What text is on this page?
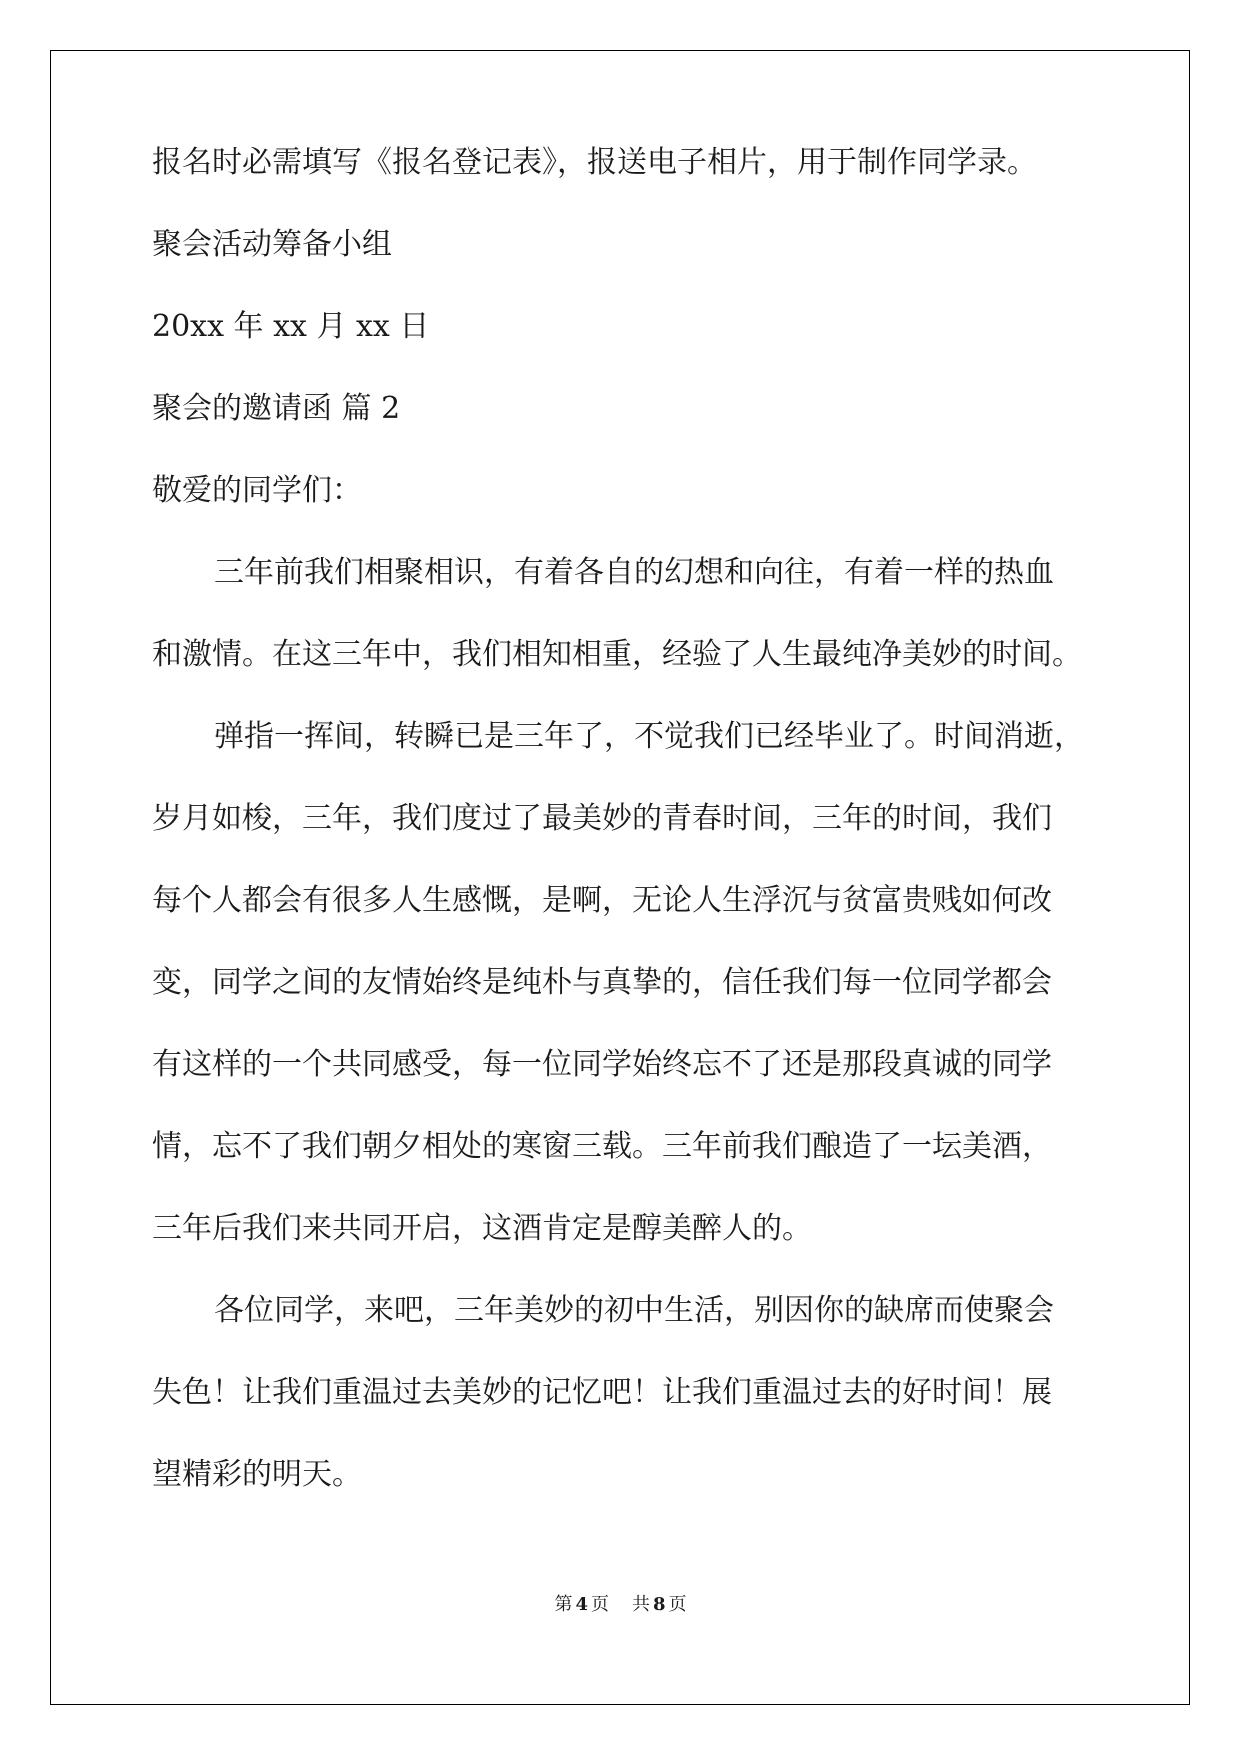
报名时必需填写《报名登记表》，报送电子相片，用于制作同学录。
聚会活动筹备小组
20xx 年 xx 月 xx 日
聚会的邀请函 篇 2
敬爱的同学们：
三年前我们相聚相识，有着各自的幻想和向往，有着一样的热血
和激情。在这三年中，我们相知相重，经验了人生最纯净美妙的时间。
弹指一挥间，转瞬已是三年了，不觉我们已经毕业了。时间消逝，
岁月如梭，三年，我们度过了最美妙的青春时间，三年的时间，我们
每个人都会有很多人生感慨，是啊，无论人生浮沉与贫富贵贱如何改
变，同学之间的友情始终是纯朴与真挚的，信任我们每一位同学都会
有这样的一个共同感受，每一位同学始终忘不了还是那段真诚的同学
情，忘不了我们朝夕相处的寒窗三载。三年前我们酿造了一坛美酒，
三年后我们来共同开启，这酒肯定是醇美醉人的。
各位同学，来吧，三年美妙的初中生活，别因你的缺席而使聚会
失色！让我们重温过去美妙的记忆吧！让我们重温过去的好时间！展
望精彩的明天。
第 4 页 共 8 页
